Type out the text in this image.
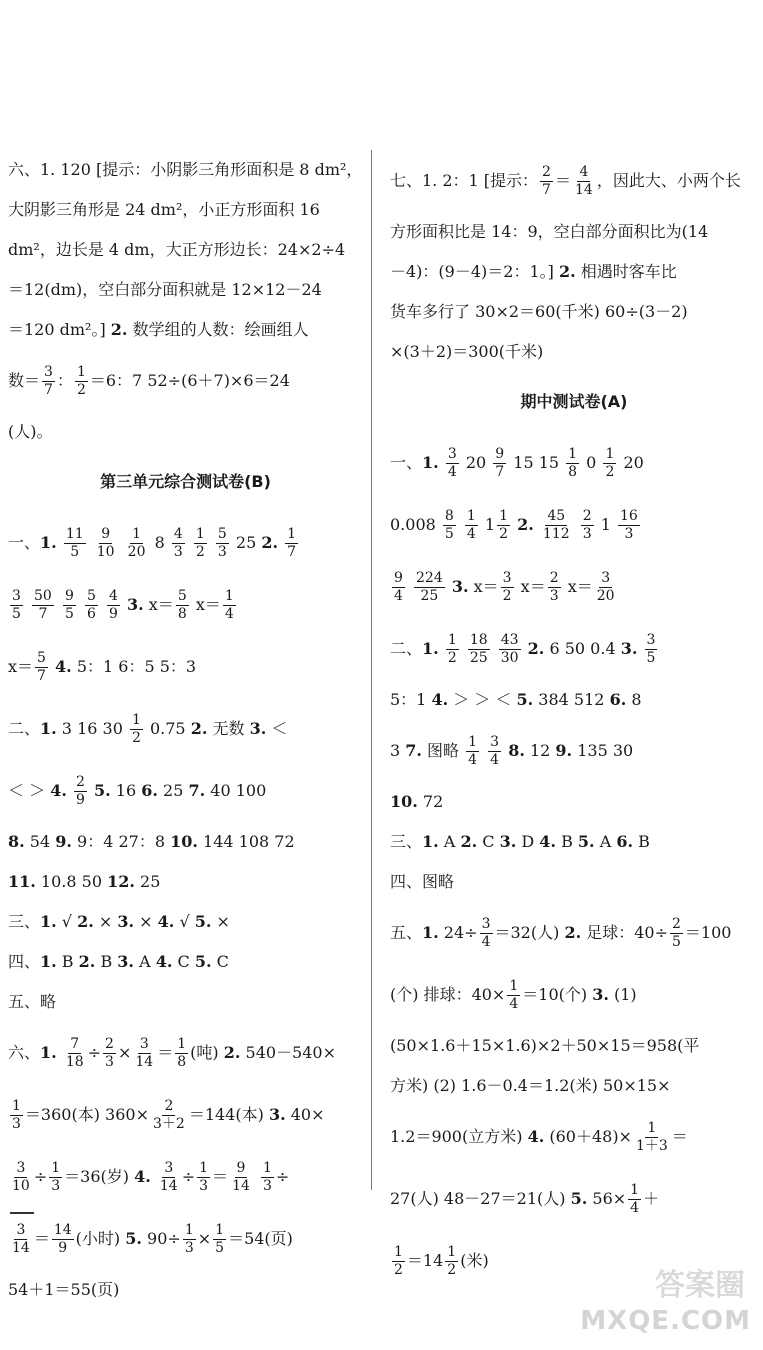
六、1. 120 [提示：小阴影三角形面积是 8 dm²，
大阴影三角形是 24 dm²，小正方形面积 16
dm²，边长是 4 dm，大正方形边长：24×2÷4
＝12(dm)，空白部分面积就是 12×12－24
＝120 dm²。] 2. 数学组的人数：绘画组人
数＝ $\frac{3}{7}$ ： $\frac{1}{2} =6$：7 52÷(6＋7)×6＝24
(人)。
第三单元综合测试卷(B)
一、1. $\frac{11}{5}$
$\frac{9}{10}$
$\frac{1}{20} 8 \frac{4}{3}$
$\frac{1}{2}$
$\frac{5}{3} 25$ 2. $\frac{1}{7}$
$\frac{3}{5}$
$\frac{50}{7}$
$\frac{9}{5}$
$\frac{5}{6}$
$\frac{4}{9} 3$. $x= \frac{5}{8} x= \frac{1}{4}$
$x= \frac{5}{7} 4$. 5：1 6：5 5：3
二、1. 3 16 $30 \frac{1}{2} 0.75$ 2. 无数 3. ＜
＜ ＞ 4. $\frac{2}{9} 5$. 16 6. 25 7. 40 100
8. 54 9. 9：4 27：8 10. 144 108 72
11. 10.8 50 12. 25
三、1. √ 2. × 3. × 4. √ 5. ×
四、1. B 2. B 3. A 4. C 5. C
五、略
六、1. $\frac{7}{18} \div \frac{2}{3} \times \frac{3}{14} = \frac{1}{8}$ (吨) 2. 540－540×
$\frac{1}{3} =360$(本) $360\times \frac{2}{3+2} =144$(本) 3. 40×
$\frac{3}{10} \div \frac{1}{3} =36$(岁) 4. $\frac{3}{14} \div \frac{1}{3} = \frac{9}{14}$
$\frac{1}{3}$ ÷
$\frac{3}{14} = \frac{14}{9}$ (小时) 5. $90\div \frac{1}{3} \times \frac{1}{5} =54$(页)
54＋1＝55(页)
七、1. 2：1 [提示： $\frac{2}{7} = \frac{4}{14}$ ，因此大、小两个长
方形面积比是 14：9，空白部分面积比为(14
－4)：(9－4)＝2：1。] 2. 相遇时客车比
货车多行了 30×2＝60(千米) 60÷(3－2)
×(3＋2)＝300(千米)
期中测试卷(A)
一、1. $\frac{3}{4} 20 \frac{9}{7} 15$ $15 \frac{1}{8} 0 \frac{1}{2} 20$
$0.008 \frac{8}{5}$
$\frac{1}{4} 1 \frac{1}{2} 2$. $\frac{45}{112}$
$\frac{2}{3} 1 \frac{16}{3}$
$\frac{9}{4}$
$\frac{224}{25} 3$. $x= \frac{3}{2} x= \frac{2}{3} x= \frac{3}{20}$
二、1. $\frac{1}{2}$
$\frac{18}{25}$
$\frac{43}{30} 2$. 6 50 0.4 3. $\frac{3}{5}$
5：1 4. ＞ ＞ ＜ 5. 384 512 6. 8
3 7. 图略 $\frac{1}{4}$
$\frac{3}{4} 8$. 12 9. 135 30
10. 72
三、1. A 2. C 3. D 4. B 5. A 6. B
四、图略
五、1. $24\div \frac{3}{4} =32$(人) 2. 足球：$40\div \frac{2}{5} =100$
(个) 排球：$40\times \frac{1}{4} =10$(个) 3. (1)
(50×1.6＋15×1.6)×2＋50×15＝958(平
方米) (2) 1.6－0.4＝1.2(米) 50×15×
1.2＝900(立方米) 4. $(60+48)\times \frac{1}{1+3}$ ＝
27(人) 48－27＝21(人) 5. $56\times \frac{1}{4}$ ＋
$\frac{1}{2} =14 \frac{1}{2}$ (米)
答案圈
MXQE.COM
